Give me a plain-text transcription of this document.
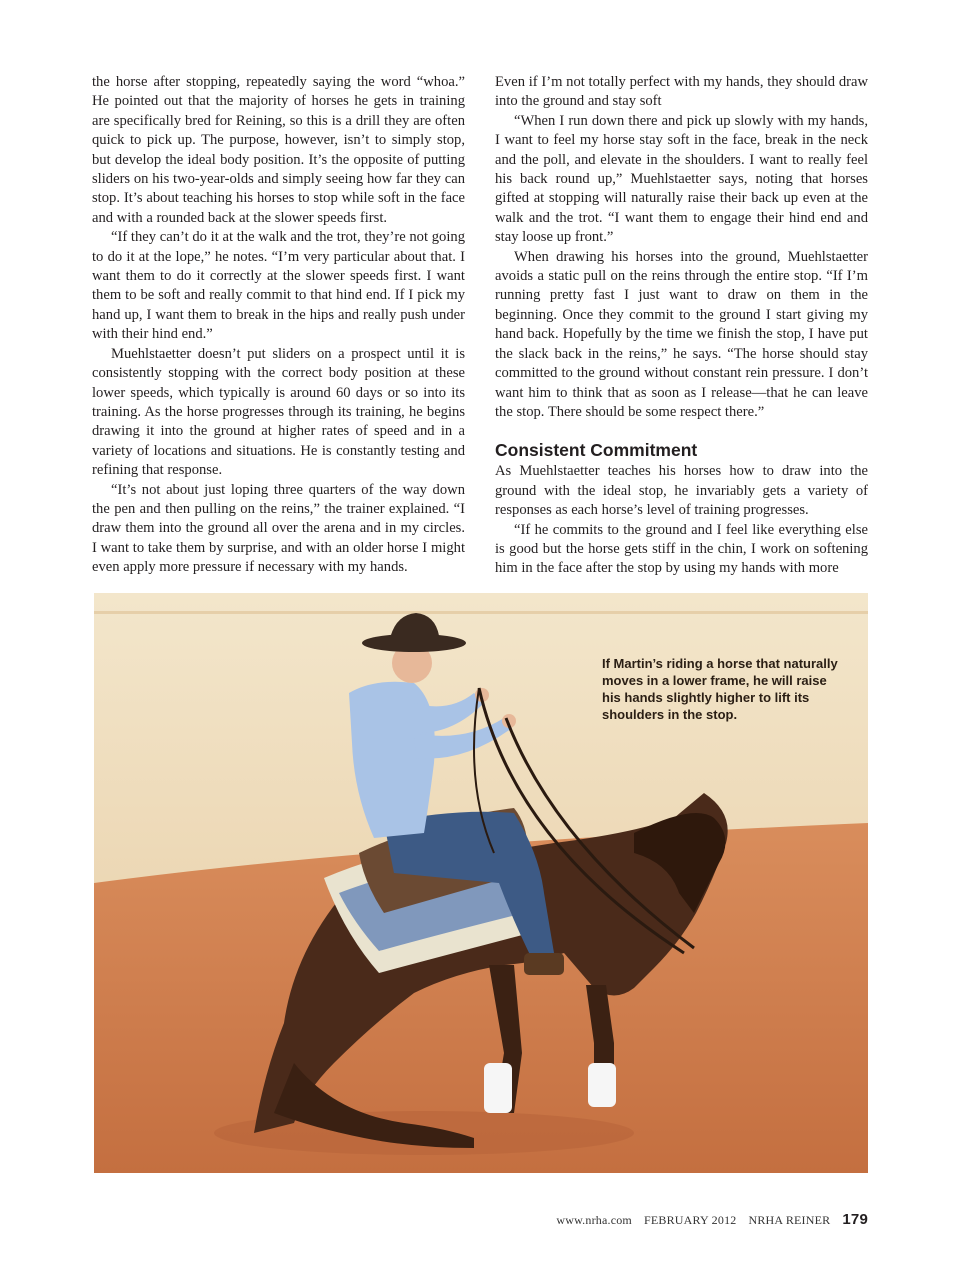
the horse after stopping, repeatedly saying the word “whoa.” He pointed out that the majority of horses he gets in training are specifically bred for Reining, so this is a drill they are often quick to pick up. The purpose, however, isn’t to simply stop, but develop the ideal body position. It’s the opposite of putting sliders on his two-year-olds and simply seeing how far they can stop. It’s about teaching his horses to stop while soft in the face and with a rounded back at the slower speeds first.

“If they can’t do it at the walk and the trot, they’re not going to do it at the lope,” he notes. “I’m very particular about that. I want them to do it correctly at the slower speeds first. I want them to be soft and really commit to that hind end. If I pick my hand up, I want them to break in the hips and really push under with their hind end.”

Muehlstaetter doesn’t put sliders on a prospect until it is consistently stopping with the correct body position at these lower speeds, which typically is around 60 days or so into its training. As the horse progresses through its training, he begins drawing it into the ground at higher rates of speed and in a variety of locations and situations. He is constantly testing and refining that response.

“It’s not about just loping three quarters of the way down the pen and then pulling on the reins,” the trainer explained. “I draw them into the ground all over the arena and in my circles. I want to take them by surprise, and with an older horse I might even apply more pressure if necessary with my hands.

Even if I’m not totally perfect with my hands, they should draw into the ground and stay soft

“When I run down there and pick up slowly with my hands, I want to feel my horse stay soft in the face, break in the neck and the poll, and elevate in the shoulders. I want to really feel his back round up,” Muehlstaetter says, noting that horses gifted at stopping will naturally raise their back up even at the walk and the trot. “I want them to engage their hind end and stay loose up front.”

When drawing his horses into the ground, Muehlstaetter avoids a static pull on the reins through the entire stop. “If I’m running pretty fast I just want to draw on them in the beginning. Once they commit to the ground I start giving my hand back. Hopefully by the time we finish the stop, I have put the slack back in the reins,” he says. “The horse should stay committed to the ground without constant rein pressure. I don’t want him to think that as soon as I release—that he can leave the stop. There should be some respect there.”

Consistent Commitment

As Muehlstaetter teaches his horses how to draw into the ground with the ideal stop, he invariably gets a variety of responses as each horse’s level of training progresses.

“If he commits to the ground and I feel like everything else is good but the horse gets stiff in the chin, I work on softening him in the face after the stop by using my hands with more

If Martin’s riding a horse that naturally moves in a lower frame, he will raise his hands slightly higher to lift its shoulders in the stop.
www.nrha.com FEBRUARY 2012 NRHA REINER 179
